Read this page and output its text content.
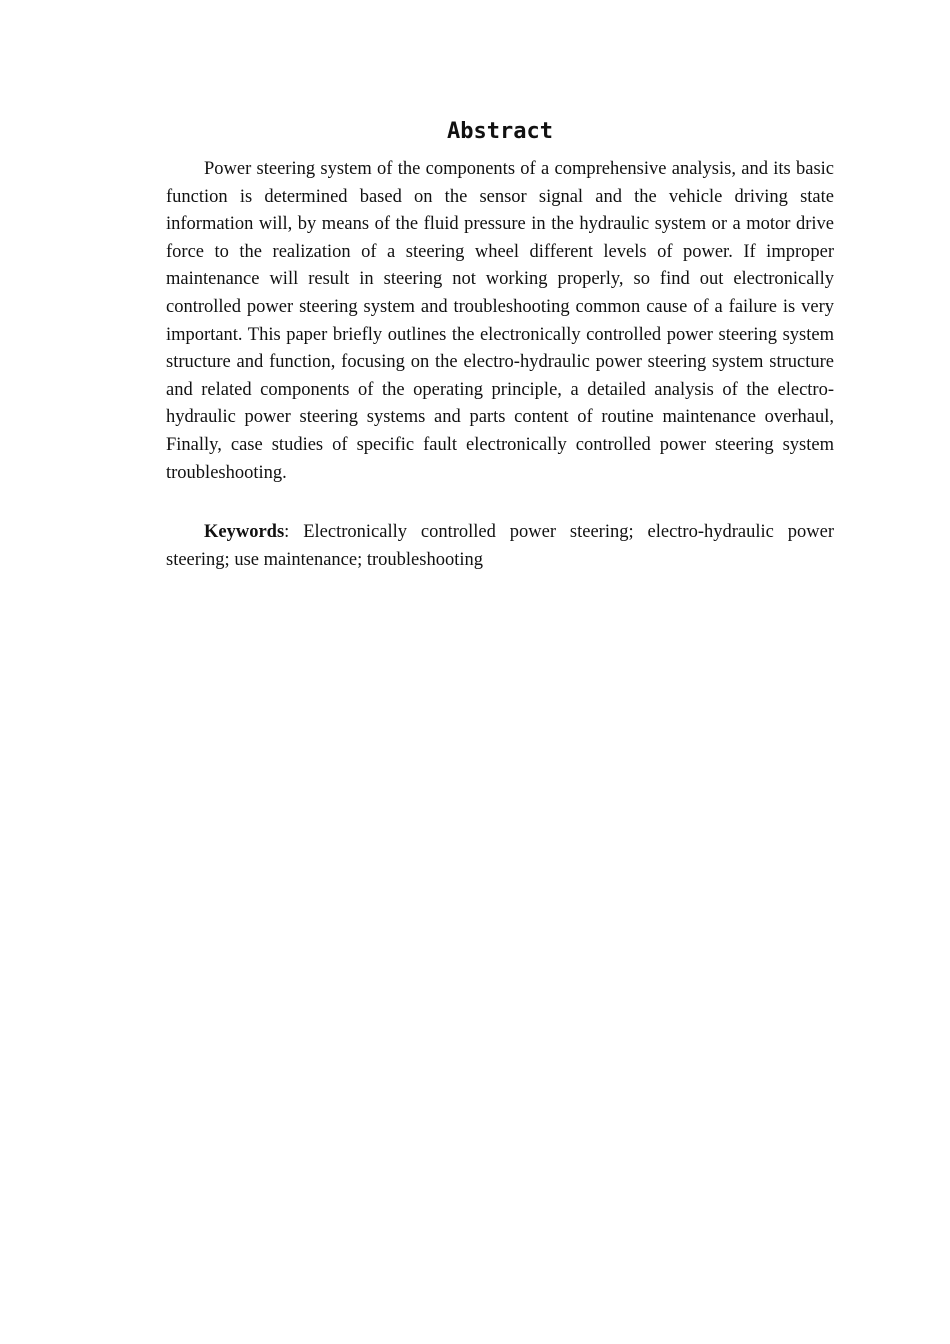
Abstract

Power steering system of the components of a comprehensive analysis, and its basic function is determined based on the sensor signal and the vehicle driving state information will, by means of the fluid pressure in the hydraulic system or a motor drive force to the realization of a steering wheel different levels of power. If improper maintenance will result in steering not working properly, so find out electronically controlled power steering system and troubleshooting common cause of a failure is very important. This paper briefly outlines the electronically controlled power steering system structure and function, focusing on the electro-hydraulic power steering system structure and related components of the operating principle, a detailed analysis of the electro-hydraulic power steering systems and parts content of routine maintenance overhaul, Finally, case studies of specific fault electronically controlled power steering system troubleshooting.

Keywords: Electronically controlled power steering; electro-hydraulic power steering; use maintenance; troubleshooting
